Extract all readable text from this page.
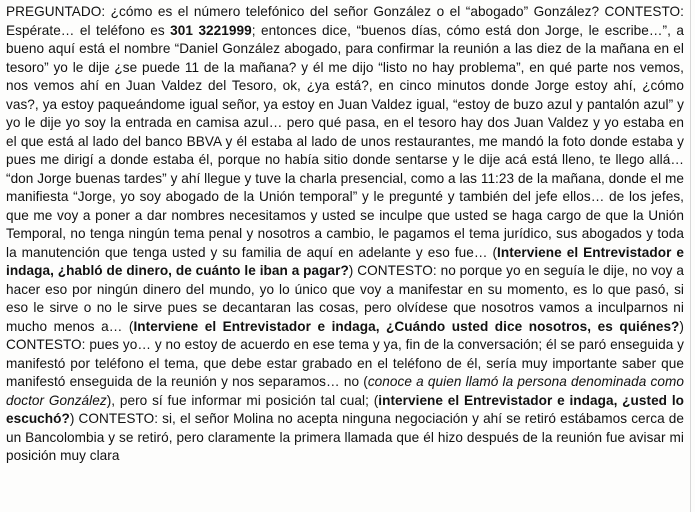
PREGUNTADO: ¿cómo es el número telefónico del señor González o el “abogado” González? CONTESTO: Espérate… el teléfono es 301 3221999; entonces dice, “buenos días, cómo está don Jorge, le escribe…”, a bueno aquí está el nombre “Daniel González abogado, para confirmar la reunión a las diez de la mañana en el tesoro” yo le dije ¿se puede 11 de la mañana? y él me dijo “listo no hay problema”, en qué parte nos vemos, nos vemos ahí en Juan Valdez del Tesoro, ok, ¿ya está?, en cinco minutos donde Jorge estoy ahí, ¿cómo vas?, ya estoy paqueándome igual señor, ya estoy en Juan Valdez igual, “estoy de buzo azul y pantalón azul” y yo le dije yo soy la entrada en camisa azul… pero qué pasa, en el tesoro hay dos Juan Valdez y yo estaba en el que está al lado del banco BBVA y él estaba al lado de unos restaurantes, me mandó la foto donde estaba y pues me dirigí a donde estaba él, porque no había sitio donde sentarse y le dije acá está lleno, te llego allá… “don Jorge buenas tardes” y ahí llegue y tuve la charla presencial, como a las 11:23 de la mañana, donde el me manifiesta “Jorge, yo soy abogado de la Unión temporal” y le pregunté y también del jefe ellos… de los jefes, que me voy a poner a dar nombres necesitamos y usted se inculpe que usted se haga cargo de que la Unión Temporal, no tenga ningún tema penal y nosotros a cambio, le pagamos el tema jurídico, sus abogados y toda la manutención que tenga usted y su familia de aquí en adelante y eso fue… (Interviene el Entrevistador e indaga, ¿habló de dinero, de cuánto le iban a pagar?) CONTESTO: no porque yo en seguía le dije, no voy a hacer eso por ningún dinero del mundo, yo lo único que voy a manifestar en su momento, es lo que pasó, si eso le sirve o no le sirve pues se decantaran las cosas, pero olvídese que nosotros vamos a inculparnos ni mucho menos a… (Interviene el Entrevistador e indaga, ¿Cuándo usted dice nosotros, es quiénes?) CONTESTO: pues yo… y no estoy de acuerdo en ese tema y ya, fin de la conversación; él se paró enseguida y manifestó por teléfono el tema, que debe estar grabado en el teléfono de él, sería muy importante saber que manifestó enseguida de la reunión y nos separamos… no (conoce a quien llamó la persona denominada como doctor González), pero sí fue informar mi posición tal cual; (interviene el Entrevistador e indaga, ¿usted lo escuchó?) CONTESTO: si, el señor Molina no acepta ninguna negociación y ahí se retiró estábamos cerca de un Bancolombia y se retiró, pero claramente la primera llamada que él hizo después de la reunión fue avisar mi posición muy clara
